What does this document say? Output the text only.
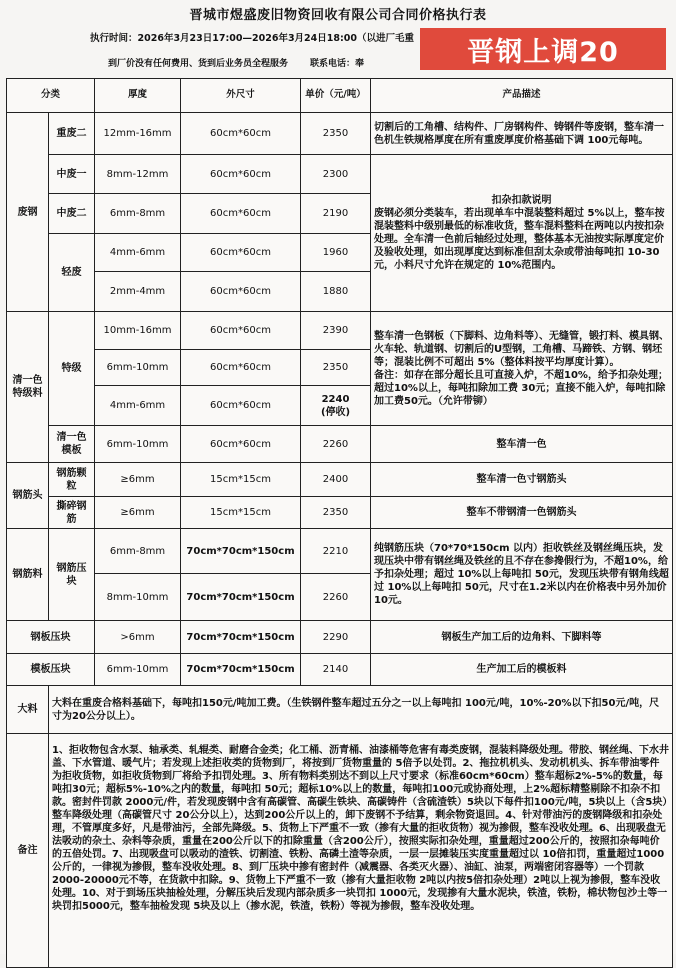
晋城市煜盛废旧物资回收有限公司合同价格执行表
执行时间：2026年3月23日17:00—2026年3月24日18:00（以进厂毛重
到厂价没有任何费用、货到后业务员全程服务 联系电话：奉	晋钢上调20
分类		厚度	外尺寸	单价（元/吨）	产品描述
废钢	重废二	12mm-16mm	60cm*60cm	2350	切割后的工角槽、结构件、厂房钢构件、铸钢件等废钢，整车清一色机生铁规格厚度在所有重废厚度价格基础下调 100元每吨。
	中废一	8mm-12mm	60cm*60cm	2300	扣杂扣款说明
废钢必须分类装车，若出现单车中混装整料超过 5%以上，整车按混装整料中级别最低的标准收货，整车混料整料在两吨以内按扣杂处理。全车清一色前后轴经过处理，整体基本无油按实际厚度定价及验收处理，如出现厚度达到标准但刮太杂或带油每吨扣 10-30元，小料尺寸允许在规定的 10%范围内。
	中废二	6mm-8mm	60cm*60cm	2190	
	轻废	4mm-6mm	60cm*60cm	1960	
		2mm-4mm	60cm*60cm	1880	
清一色特级料	特级	10mm-16mm	60cm*60cm	2390	整车清一色钢板（下脚料、边角料等）、无缝管，锻打料、模具钢、火车轮、轨道钢、切割后的U型钢，工角槽、马蹄铁、方钢、钢坯等；混装比例不可超出 5%（整体料按平均厚度计算）。
备注：如存在部分超长且可直接入炉，不超10%，给予扣杂处理；超过10%以上，每吨扣除加工费 30元；直接不能入炉，每吨扣除加工费50元。（允许带铆）
		6mm-10mm	60cm*60cm	2350	
		4mm-6mm	60cm*60cm	2240
(停收)	
	清一色模板	6mm-10mm	60cm*60cm	2260	整车清一色
钢筋头	钢筋颗粒	≥6mm	15cm*15cm	2400	整车清一色寸钢筋头
	撕碎钢筋	≥6mm	15cm*15cm	2350	整车不带钢清一色钢筋头
钢筋料	钢筋压块	6mm-8mm	70cm*70cm*150cm	2210	纯钢筋压块（70*70*150cm 以内）拒收铁丝及钢丝绳压块，发现压块中带有钢丝绳及铁丝的且不存在参搀假行为，不超10%，给予扣杂处理；超过 10%以上每吨扣 50元，发现压块带有钢角线超过 10%以上每吨扣 50元，尺寸在1.2米以内在价格表中另外加价 10元。
		8mm-10mm	70cm*70cm*150cm	2260	
钢板压块		>6mm	70cm*70cm*150cm	2290	钢板生产加工后的边角料、下脚料等
模板压块		6mm-10mm	70cm*70cm*150cm	2140	生产加工后的模板料
大料	大料在重废合格料基础下，每吨扣150元/吨加工费。（生铁钢件整车超过五分之一以上每吨扣 100元/吨，10%-20%以下扣50元/吨，尺寸为20公分以上）。				
备注	1、拒收物包含水泵、轴承类、轧辊类、耐磨合金类；化工桶、沥青桶、油漆桶等危害有毒类废钢，混装料降级处理。带胶、钢丝绳、下水井盖、下水管道、暖气片；若发现上述拒收类的货物到厂，将按到厂货物重量的 5倍予以处罚。2、拖拉机机头、发动机机头、拆车带油零件为拒收货物，如拒收货物到厂将给予扣罚处理。3、所有物料类别达不到以上尺寸要求（标准60cm*60cm）整车超标2%-5%的数量，每吨扣30元；超标5%-10%之内的数量，每吨扣 50元；超标10%以上的数量，每吨扣100元或协商处理，上2%超标精整剔除不扣杂不扣款。密封件罚款 2000元/件，若发现废钢中含有高碳管、高碳生铁块、高碳铸件（含硫渣铁）5块以下每件扣100元/吨，5块以上（含5块）整车降级处理（高碳管尺寸 20公分以上），达到200公斤以上的，卸下废钢不予结算，剩余物资退回。4、针对带油污的废钢降级和扣杂处理，不管厚度多好，凡是带油污，全部先降级。5、货物上下严重不一致（掺有大量的拒收货物）视为掺假，整车没收处理。6、出现吸盘无法吸动的杂土、杂料等杂质，重量在200公斤以下的扣除重量（含200公斤），按照实际扣杂处理，重量超过200公斤的，按照扣杂每吨价的五倍处罚。7、出现吸盘可以吸动的渣铁、切割渣、铁粉、高磷土渣等杂质，一层一层摊装压实度重量超过以 10倍扣罚，重量超过1000公斤的，一律视为掺假，整车没收处理。8、到厂压块中掺有密封件（减震器、各类灭火器）、油缸、油泵，两端密闭容器等）一个罚款2000-20000元不等，在货款中扣除。9、货物上下严重不一致（掺有大量拒收物 2吨以内按5倍扣杂处理）2吨以上视为掺假，整车没收处理。10、对于到场压块抽检处理，分解压块后发现内部杂质多一块罚扣 1000元，发现掺有大量水泥块，铁渣，铁粉，棉状物包沙土等一块罚扣5000元，整车抽检发现 5块及以上（掺水泥，铁渣，铁粉）等视为掺假，整车没收处理。				
